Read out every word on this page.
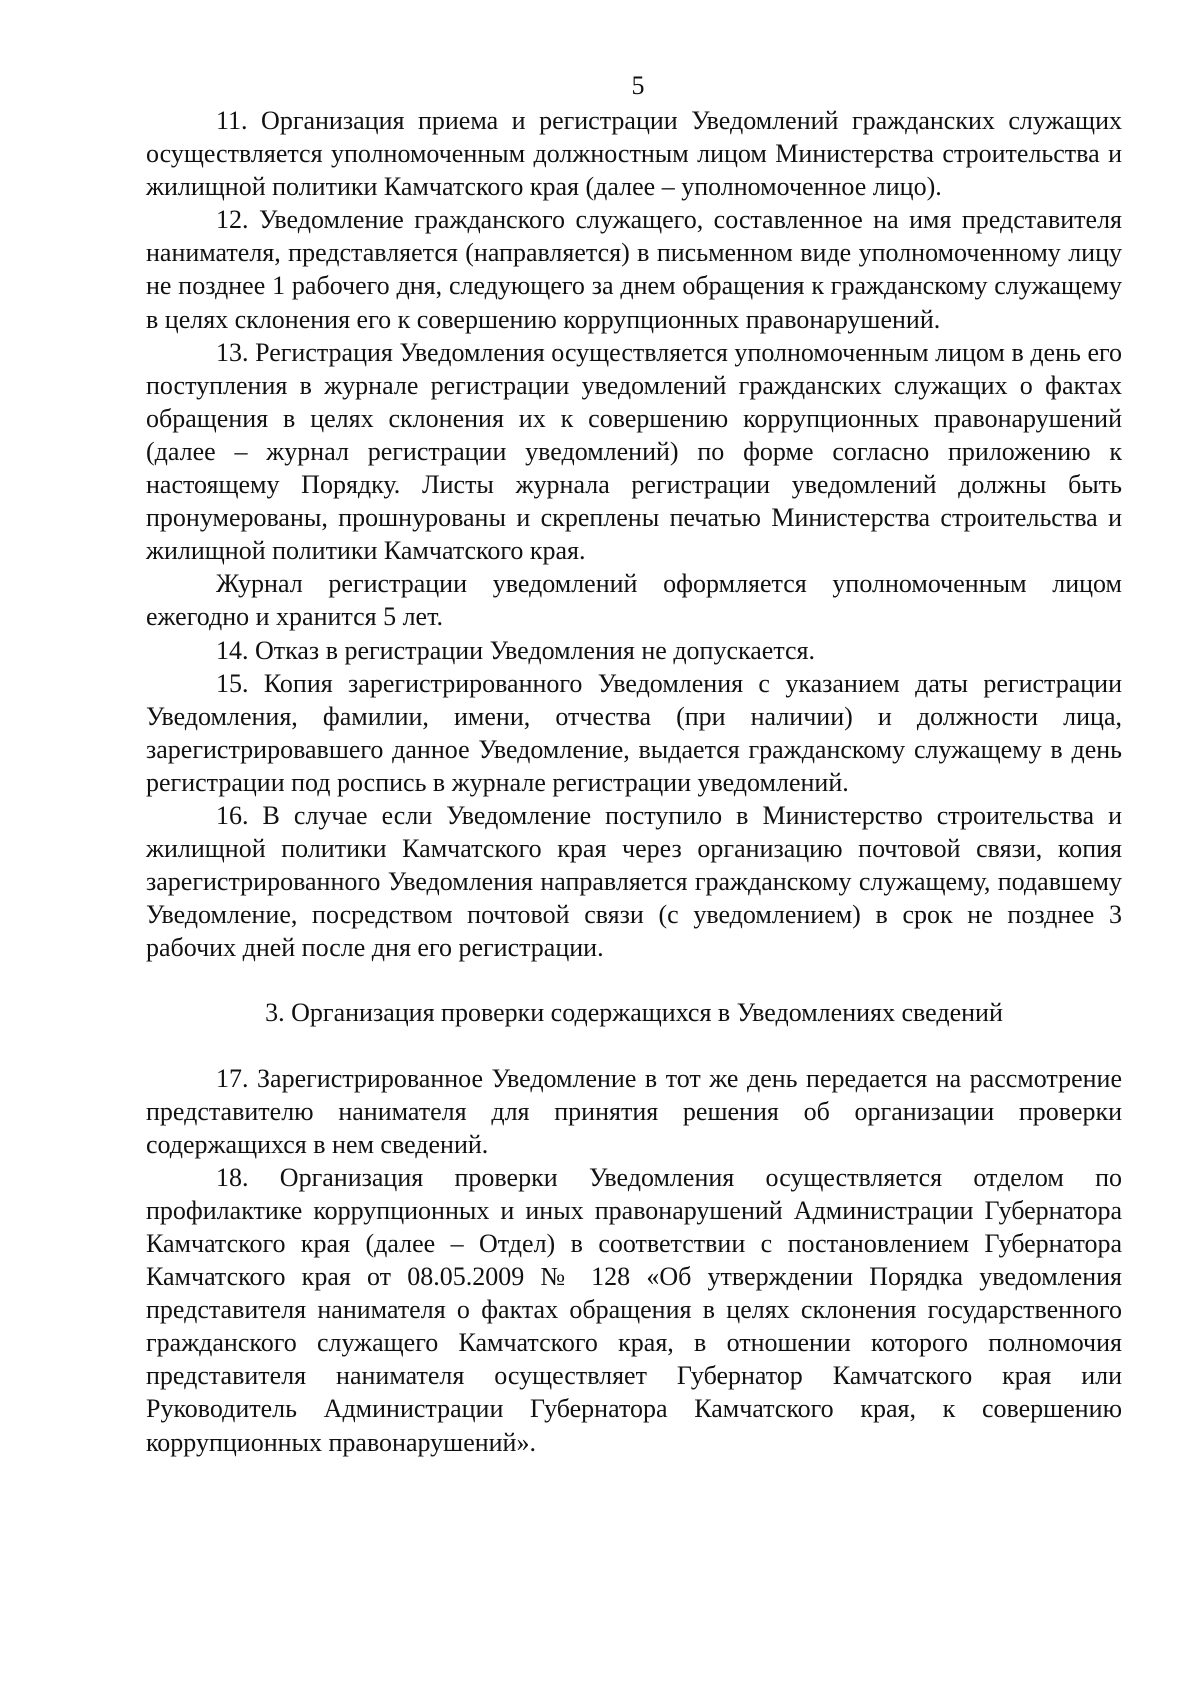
5

11. Организация приема и регистрации Уведомлений гражданских служащих осуществляется уполномоченным должностным лицом Министерства строительства и жилищной политики Камчатского края (далее – уполномоченное лицо).

12. Уведомление гражданского служащего, составленное на имя представителя нанимателя, представляется (направляется) в письменном виде уполномоченному лицу не позднее 1 рабочего дня, следующего за днем обращения к гражданскому служащему в целях склонения его к совершению коррупционных правонарушений.

13. Регистрация Уведомления осуществляется уполномоченным лицом в день его поступления в журнале регистрации уведомлений гражданских служащих о фактах обращения в целях склонения их к совершению коррупционных правонарушений (далее – журнал регистрации уведомлений) по форме согласно приложению к настоящему Порядку. Листы журнала регистрации уведомлений должны быть пронумерованы, прошнурованы и скреплены печатью Министерства строительства и жилищной политики Камчатского края.

Журнал регистрации уведомлений оформляется уполномоченным лицом ежегодно и хранится 5 лет.

14. Отказ в регистрации Уведомления не допускается.

15. Копия зарегистрированного Уведомления с указанием даты регистрации Уведомления, фамилии, имени, отчества (при наличии) и должности лица, зарегистрировавшего данное Уведомление, выдается гражданскому служащему в день регистрации под роспись в журнале регистрации уведомлений.

16. В случае если Уведомление поступило в Министерство строительства и жилищной политики Камчатского края через организацию почтовой связи, копия зарегистрированного Уведомления направляется гражданскому служащему, подавшему Уведомление, посредством почтовой связи (с уведомлением) в срок не позднее 3 рабочих дней после дня его регистрации.

3. Организация проверки содержащихся в Уведомлениях сведений

17. Зарегистрированное Уведомление в тот же день передается на рассмотрение представителю нанимателя для принятия решения об организации проверки содержащихся в нем сведений.

18. Организация проверки Уведомления осуществляется отделом по профилактике коррупционных и иных правонарушений Администрации Губернатора Камчатского края (далее – Отдел) в соответствии с постановлением Губернатора Камчатского края от 08.05.2009 № 128 «Об утверждении Порядка уведомления представителя нанимателя о фактах обращения в целях склонения государственного гражданского служащего Камчатского края, в отношении которого полномочия представителя нанимателя осуществляет Губернатор Камчатского края или Руководитель Администрации Губернатора Камчатского края, к совершению коррупционных правонарушений».
